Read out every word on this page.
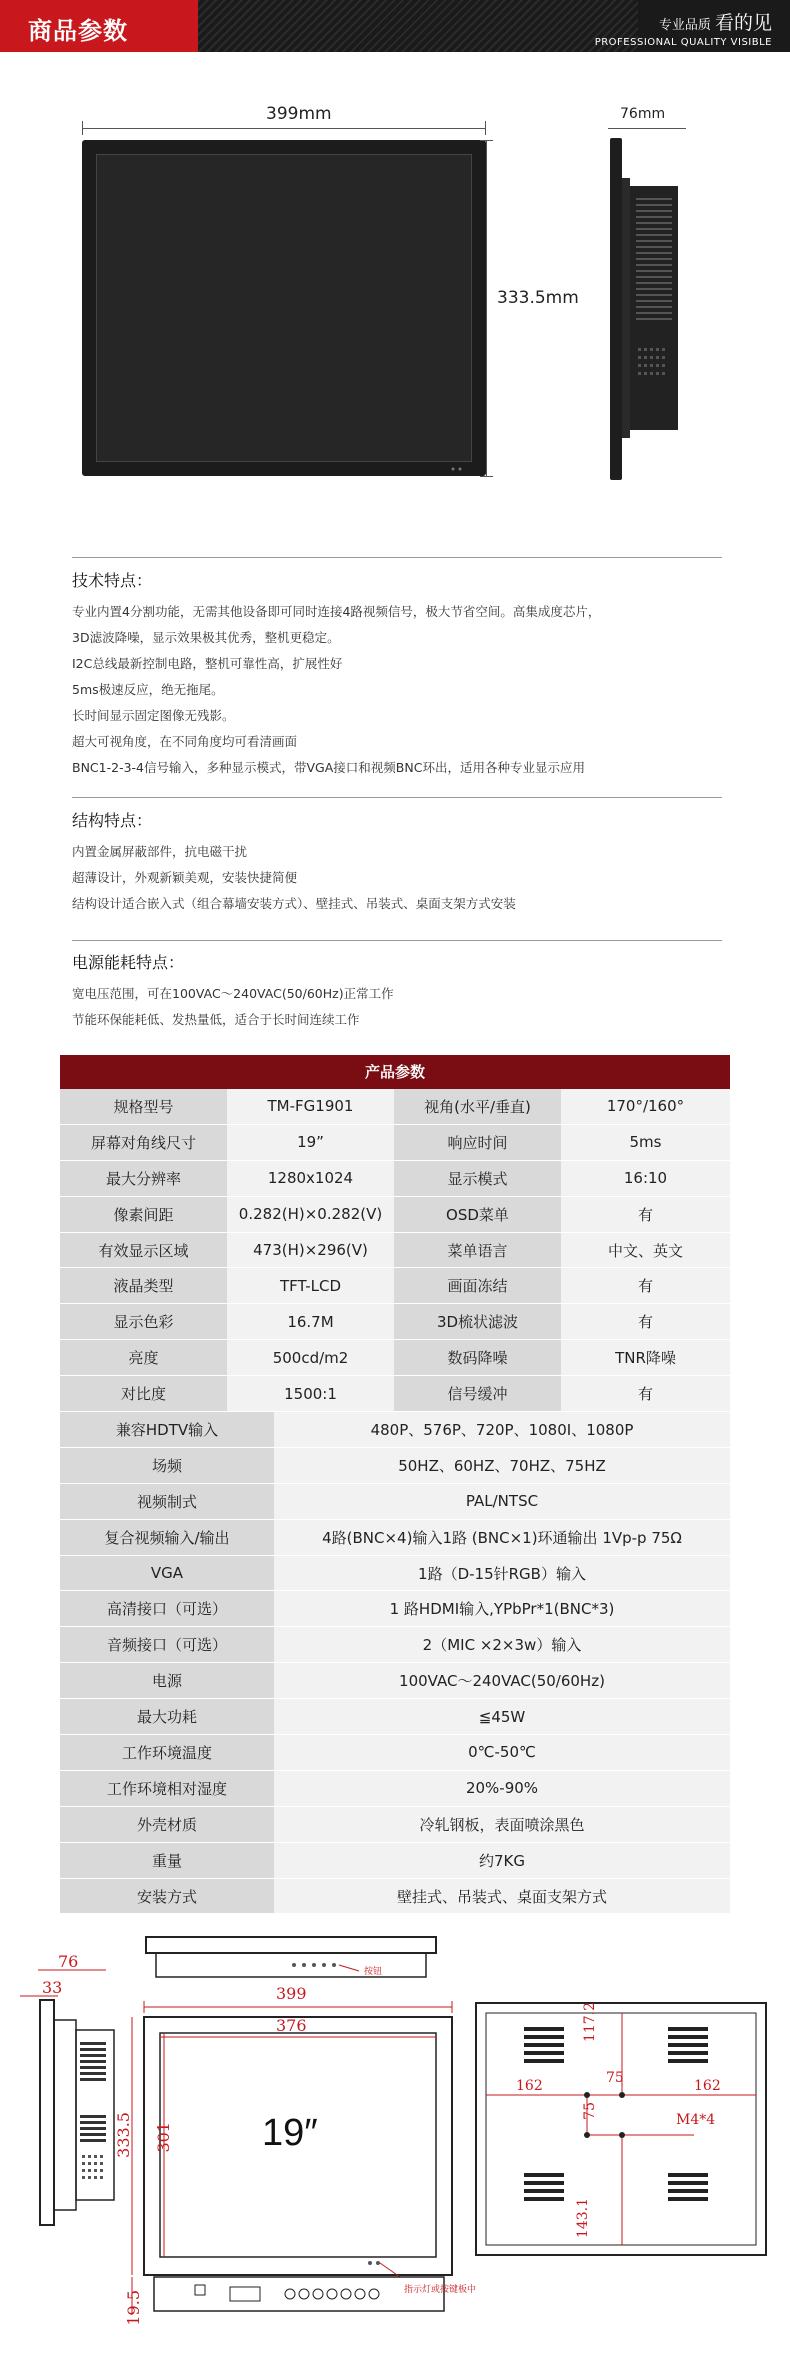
商品参数	专业品质 看的见
PROFESSIONAL QUALITY VISIBLE
399mm
333.5mm
76mm
技术特点：
专业内置4分割功能，无需其他设备即可同时连接4路视频信号，极大节省空间。高集成度芯片，
3D滤波降噪，显示效果极其优秀，整机更稳定。
I2C总线最新控制电路，整机可靠性高，扩展性好
5ms极速反应，绝无拖尾。
长时间显示固定图像无残影。
超大可视角度，在不同角度均可看清画面
BNC1-2-3-4信号输入，多种显示模式，带VGA接口和视频BNC环出，适用各种专业显示应用
结构特点：
内置金属屏蔽部件，抗电磁干扰
超薄设计，外观新颖美观，安装快捷简便
结构设计适合嵌入式（组合幕墙安装方式）、壁挂式、吊装式、桌面支架方式安装
电源能耗特点：
宽电压范围，可在100VAC～240VAC(50/60Hz)正常工作
节能环保能耗低、发热量低，适合于长时间连续工作
产品参数
规格型号	TM-FG1901	视角(水平/垂直)	170°/160°
屏幕对角线尺寸	19”	响应时间	5ms
最大分辨率	1280x1024	显示模式	16:10
像素间距	0.282(H)×0.282(V)	OSD菜单	有
有效显示区域	473(H)×296(V)	菜单语言	中文、英文
液晶类型	TFT-LCD	画面冻结	有
显示色彩	16.7M	3D梳状滤波	有
亮度	500cd/m2	数码降噪	TNR降噪
对比度	1500:1	信号缓冲	有
兼容HDTV输入	480P、576P、720P、1080I、1080P
场频	50HZ、60HZ、70HZ、75HZ
视频制式	PAL/NTSC
复合视频输入/输出	4路(BNC×4)输入1路 (BNC×1)环通输出 1Vp-p 75Ω
VGA	1路（D-15针RGB）输入
高清接口（可选）	1 路HDMI输入,YPbPr*1(BNC*3)
音频接口（可选）	2（MIC ×2×3w）输入
电源	100VAC～240VAC(50/60Hz)
最大功耗	≦45W
工作环境温度	0℃-50℃
工作环境相对湿度	20%-90%
外壳材质	冷轧钢板，表面喷涂黑色
重量	约7KG
安装方式	壁挂式、吊装式、桌面支架方式
76
33
按钮
399
376
19″
301
333.5
19.5	指示灯或按键板中
117.2
75
162	162
75
143.1
M4*4
